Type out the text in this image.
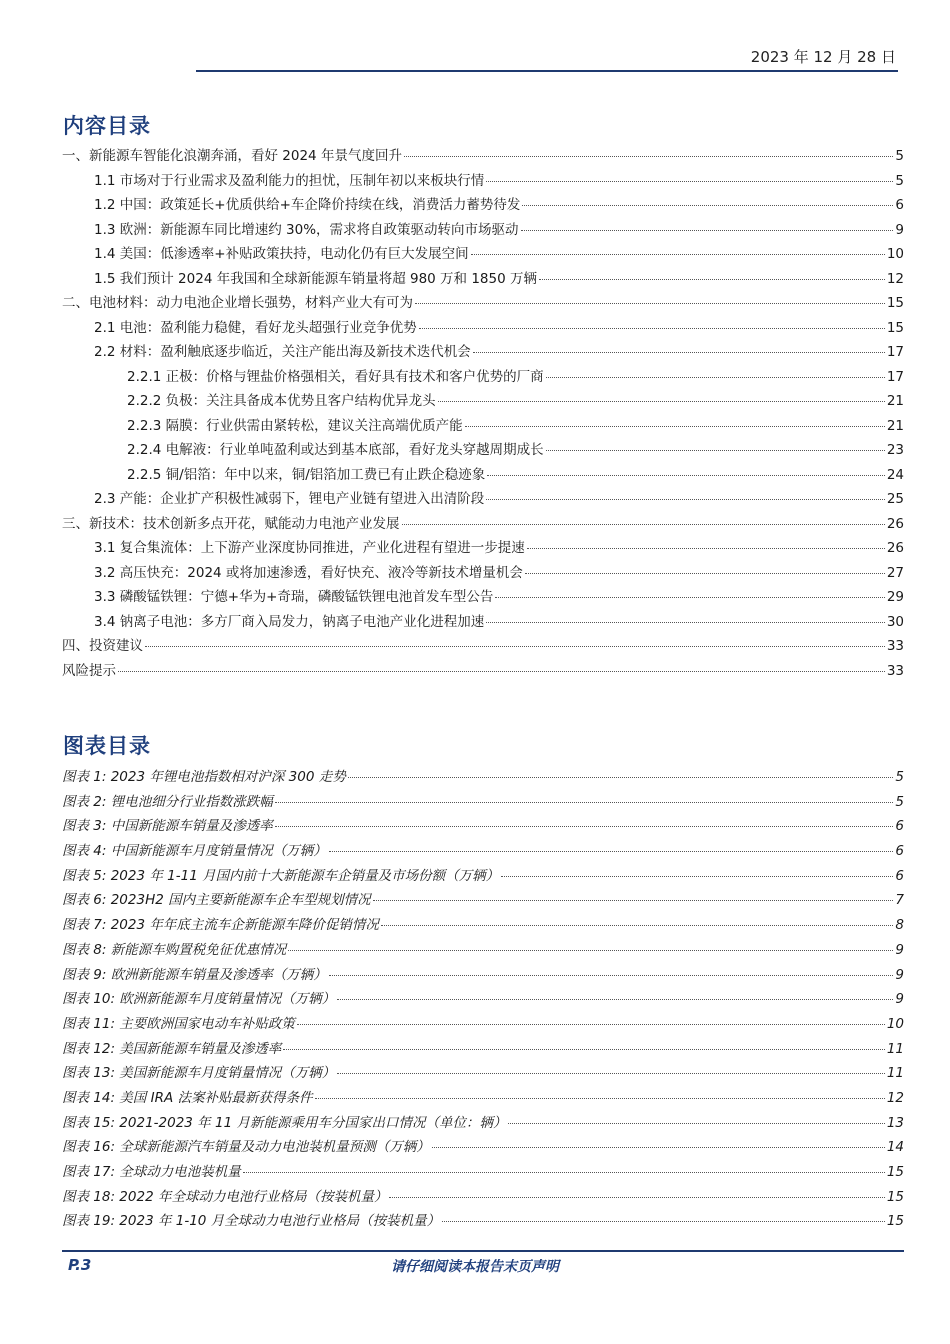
2023 年 12 月 28 日
内容目录
一、新能源车智能化浪潮奔涌，看好 2024 年景气度回升	5
1.1 市场对于行业需求及盈利能力的担忧，压制年初以来板块行情	5
1.2 中国：政策延长+优质供给+车企降价持续在线，消费活力蓄势待发	6
1.3 欧洲：新能源车同比增速约 30%，需求将自政策驱动转向市场驱动	9
1.4 美国：低渗透率+补贴政策扶持，电动化仍有巨大发展空间	10
1.5 我们预计 2024 年我国和全球新能源车销量将超 980 万和 1850 万辆	12
二、电池材料：动力电池企业增长强势，材料产业大有可为	15
2.1 电池：盈利能力稳健，看好龙头超强行业竞争优势	15
2.2 材料：盈利触底逐步临近，关注产能出海及新技术迭代机会	17
2.2.1 正极：价格与锂盐价格强相关，看好具有技术和客户优势的厂商	17
2.2.2 负极：关注具备成本优势且客户结构优异龙头	21
2.2.3 隔膜：行业供需由紧转松，建议关注高端优质产能	21
2.2.4 电解液：行业单吨盈利或达到基本底部，看好龙头穿越周期成长	23
2.2.5 铜/铝箔：年中以来，铜/铝箔加工费已有止跌企稳迹象	24
2.3 产能：企业扩产积极性减弱下，锂电产业链有望进入出清阶段	25
三、新技术：技术创新多点开花，赋能动力电池产业发展	26
3.1 复合集流体：上下游产业深度协同推进，产业化进程有望进一步提速	26
3.2 高压快充：2024 或将加速渗透，看好快充、液冷等新技术增量机会	27
3.3 磷酸锰铁锂：宁德+华为+奇瑞，磷酸锰铁锂电池首发车型公告	29
3.4 钠离子电池：多方厂商入局发力，钠离子电池产业化进程加速	30
四、投资建议	33
风险提示	33
图表目录
图表 1: 2023 年锂电池指数相对沪深 300 走势	5
图表 2: 锂电池细分行业指数涨跌幅	5
图表 3: 中国新能源车销量及渗透率	6
图表 4: 中国新能源车月度销量情况（万辆）	6
图表 5: 2023 年 1-11 月国内前十大新能源车企销量及市场份额（万辆）	6
图表 6: 2023H2 国内主要新能源车企车型规划情况	7
图表 7: 2023 年年底主流车企新能源车降价促销情况	8
图表 8: 新能源车购置税免征优惠情况	9
图表 9: 欧洲新能源车销量及渗透率（万辆）	9
图表 10: 欧洲新能源车月度销量情况（万辆）	9
图表 11: 主要欧洲国家电动车补贴政策	10
图表 12: 美国新能源车销量及渗透率	11
图表 13: 美国新能源车月度销量情况（万辆）	11
图表 14: 美国 IRA 法案补贴最新获得条件	12
图表 15: 2021-2023 年 11 月新能源乘用车分国家出口情况（单位：辆）	13
图表 16: 全球新能源汽车销量及动力电池装机量预测（万辆）	14
图表 17: 全球动力电池装机量	15
图表 18: 2022 年全球动力电池行业格局（按装机量）	15
图表 19: 2023 年 1-10 月全球动力电池行业格局（按装机量）	15
P.3	请仔细阅读本报告末页声明
